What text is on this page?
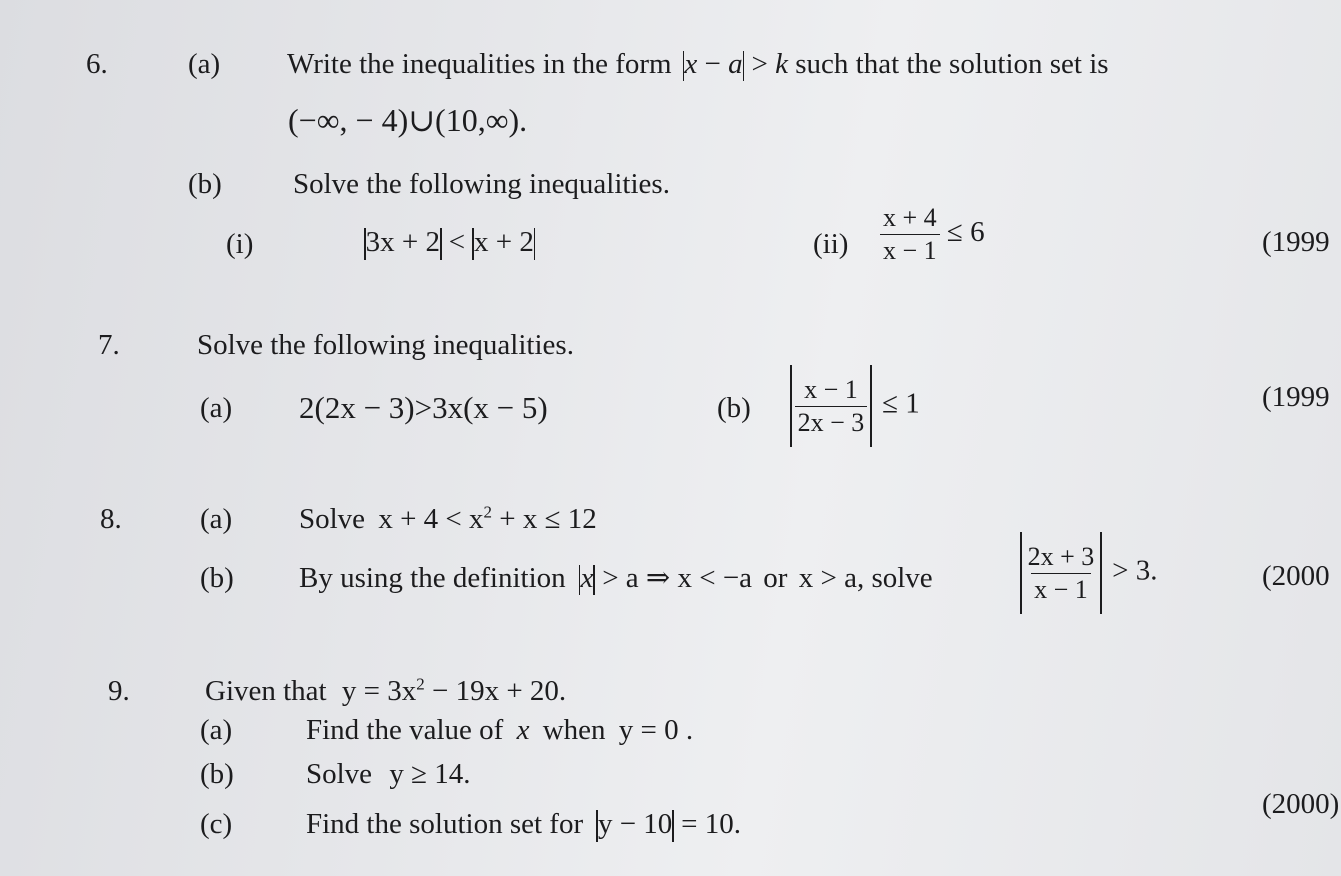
6.	(a) Write the inequalities in the form x − a > k such that the solution set is
(−∞, − 4)∪(10,∞).
(b) Solve the following inequalities.
(i)	3x + 2 < x + 2	$(ii) \frac{x + 4}{x - 1} \le 6$	(1999
7.	Solve the following inequalities.
(a) 2(2x − 3)>3x(x − 5)	$(b) \frac{x - 1}{2x - 3} \le 1$	(1999
8.	(a) Solve $x + 4 < x^2 + x \le 12$
(b) By using the definition x > a ⇒ x < −a or x > a, solve	$\frac{2x + 3}{x - 1} > 3$.	(2000
9.	Given that $y = 3x^2 - 19x + 20$.
(a)	Find the value of x when y = 0 .
(b) Solve y ≥ 14.
(c)	Find the solution set for y − 10 = 10.
(2000)
